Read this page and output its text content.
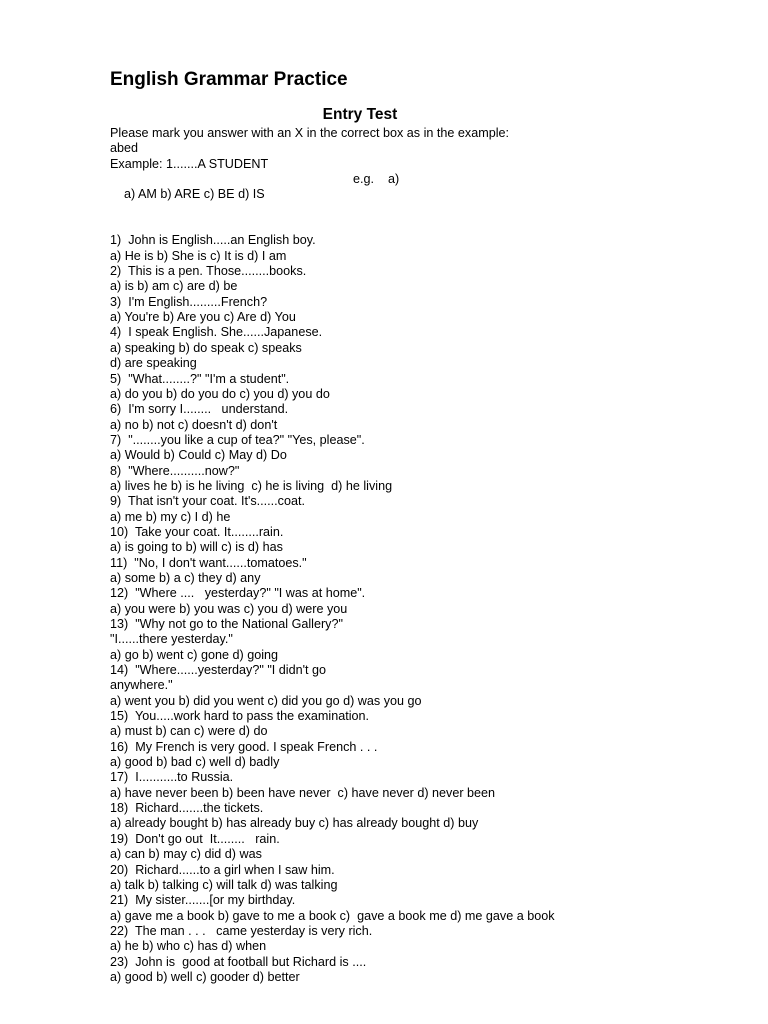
English Grammar Practice
Entry Test
Please mark you answer with an X in the correct box as in the example:
abed
Example: 1.......A STUDENT

a) AM b) ARE c) BE d) IS

e.g.    a)

1)  John is English.....an English boy.
a) He is b) She is c) It is d) I am
2)  This is a pen. Those........books.
a) is b) am c) are d) be
3)  I'm English.........French?
a) You're b) Are you c) Are d) You
4)  I speak English. She......Japanese.
a) speaking b) do speak c) speaks
d) are speaking
5)  "What........?" "I'm a student".
a) do you b) do you do c) you d) you do
6)  I'm sorry I........   understand.
a) no b) not c) doesn't d) don't
7)  "........you like a cup of tea?" "Yes, please".
a) Would b) Could c) May d) Do
8)  "Where..........now?"
a) lives he b) is he living  c) he is living  d) he living
9)  That isn't your coat. It's......coat.
a) me b) my c) I d) he
10)  Take your coat. It........rain.
a) is going to b) will c) is d) has
11)  "No, I don't want......tomatoes."
a) some b) a c) they d) any
12)  "Where ....   yesterday?" "I was at home".
a) you were b) you was c) you d) were you
13)  "Why not go to the National Gallery?"
"I......there yesterday."
a) go b) went c) gone d) going
14)  "Where......yesterday?" "I didn't go
anywhere."
a) went you b) did you went c) did you go d) was you go
15)  You.....work hard to pass the examination.
a) must b) can c) were d) do
16)  My French is very good. I speak French . . .
a) good b) bad c) well d) badly
17)  I...........to Russia.
a) have never been b) been have never  c) have never d) never been
18)  Richard.......the tickets.
a) already bought b) has already buy c) has already bought d) buy
19)  Don't go out  It........   rain.
a) can b) may c) did d) was
20)  Richard......to a girl when I saw him.
a) talk b) talking c) will talk d) was talking
21)  My sister.......[or my birthday.
a) gave me a book b) gave to me a book c)  gave a book me d) me gave a book
22)  The man . . .   came yesterday is very rich.
a) he b) who c) has d) when
23)  John is  good at football but Richard is ....
a) good b) well c) gooder d) better
